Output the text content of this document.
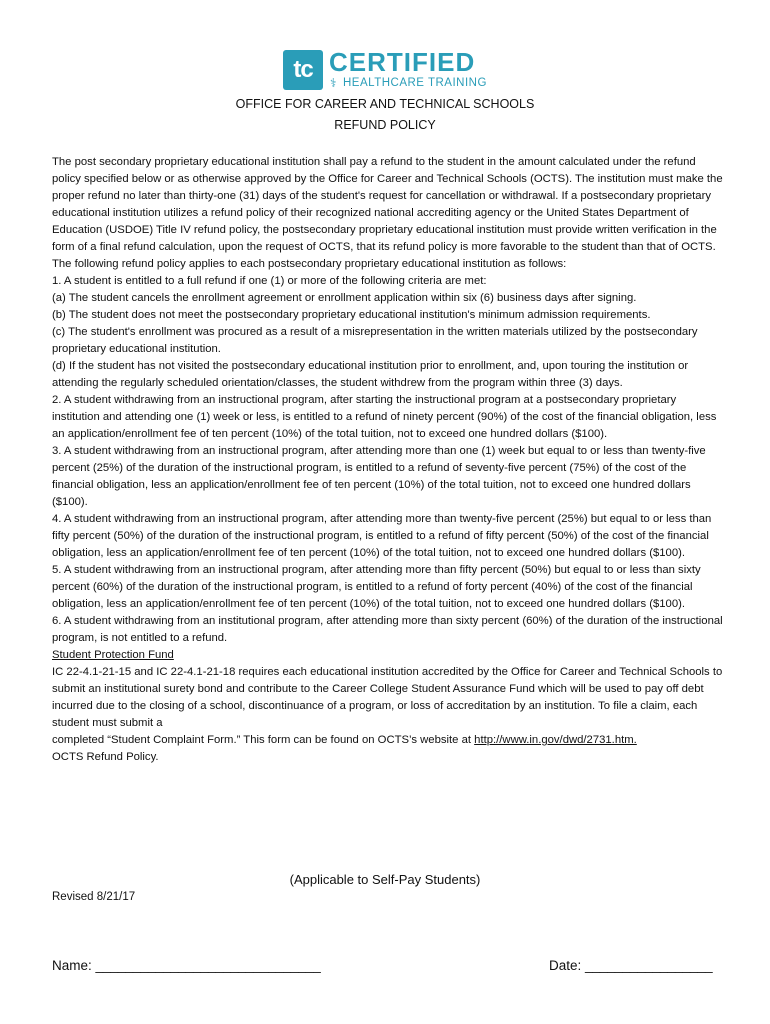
tc CERTIFIED
⚕ HEALTHCARE TRAINING
OFFICE FOR CAREER AND TECHNICAL SCHOOLS
REFUND POLICY

The post secondary proprietary educational institution shall pay a refund to the student in the amount calculated under the refund policy specified below or as otherwise approved by the Office for Career and Technical Schools (OCTS). The institution must make the proper refund no later than thirty-one (31) days of the student's request for cancellation or withdrawal. If a postsecondary proprietary educational institution utilizes a refund policy of their recognized national accrediting agency or the United States Department of Education (USDOE) Title IV refund policy, the postsecondary proprietary educational institution must provide written verification in the form of a final refund calculation, upon the request of OCTS, that its refund policy is more favorable to the student than that of OCTS.

The following refund policy applies to each postsecondary proprietary educational institution as follows:

1. A student is entitled to a full refund if one (1) or more of the following criteria are met:

(a) The student cancels the enrollment agreement or enrollment application within six (6) business days after signing.

(b) The student does not meet the postsecondary proprietary educational institution's minimum admission requirements.

(c) The student's enrollment was procured as a result of a misrepresentation in the written materials utilized by the postsecondary proprietary educational institution.

(d) If the student has not visited the postsecondary educational institution prior to enrollment, and, upon touring the institution or attending the regularly scheduled orientation/classes, the student withdrew from the program within three (3) days.

2. A student withdrawing from an instructional program, after starting the instructional program at a postsecondary proprietary institution and attending one (1) week or less, is entitled to a refund of ninety percent (90%) of the cost of the financial obligation, less an application/enrollment fee of ten percent (10%) of the total tuition, not to exceed one hundred dollars ($100).

3. A student withdrawing from an instructional program, after attending more than one (1) week but equal to or less than twenty-five percent (25%) of the duration of the instructional program, is entitled to a refund of seventy-five percent (75%) of the cost of the financial obligation, less an application/enrollment fee of ten percent (10%) of the total tuition, not to exceed one hundred dollars ($100).

4. A student withdrawing from an instructional program, after attending more than twenty-five percent (25%) but equal to or less than fifty percent (50%) of the duration of the instructional program, is entitled to a refund of fifty percent (50%) of the cost of the financial obligation, less an application/enrollment fee of ten percent (10%) of the total tuition, not to exceed one hundred dollars ($100).

5. A student withdrawing from an instructional program, after attending more than fifty percent (50%) but equal to or less than sixty percent (60%) of the duration of the instructional program, is entitled to a refund of forty percent (40%) of the cost of the financial obligation, less an application/enrollment fee of ten percent (10%) of the total tuition, not to exceed one hundred dollars ($100).

6. A student withdrawing from an institutional program, after attending more than sixty percent (60%) of the duration of the instructional program, is not entitled to a refund.

Student Protection Fund

IC 22-4.1-21-15 and IC 22-4.1-21-18 requires each educational institution accredited by the Office for Career and Technical Schools to submit an institutional surety bond and contribute to the Career College Student Assurance Fund which will be used to pay off debt incurred due to the closing of a school, discontinuance of a program, or loss of accreditation by an institution. To file a claim, each student must submit a

completed “Student Complaint Form.” This form can be found on OCTS’s website at http://www.in.gov/dwd/2731.htm.

OCTS Refund Policy.

(Applicable to Self-Pay Students)
Revised 8/21/17
Name: ______________________________	Date: _________________
